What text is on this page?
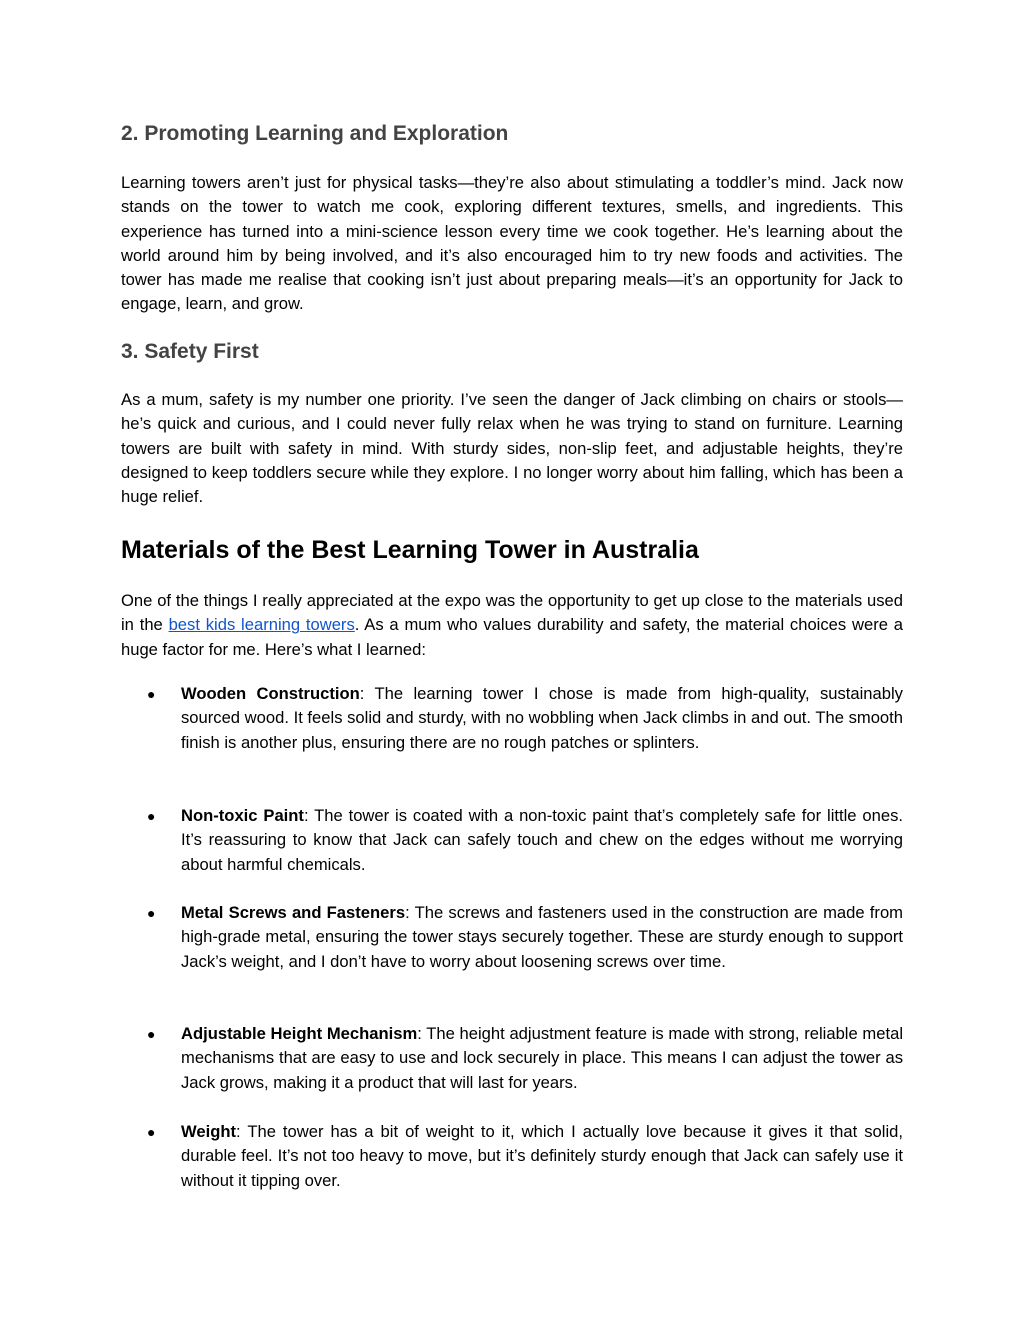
2. Promoting Learning and Exploration

Learning towers aren’t just for physical tasks—they’re also about stimulating a toddler’s mind. Jack now stands on the tower to watch me cook, exploring different textures, smells, and ingredients. This experience has turned into a mini-science lesson every time we cook together. He’s learning about the world around him by being involved, and it’s also encouraged him to try new foods and activities. The tower has made me realise that cooking isn’t just about preparing meals—it’s an opportunity for Jack to engage, learn, and grow.

3. Safety First

As a mum, safety is my number one priority. I’ve seen the danger of Jack climbing on chairs or stools—he’s quick and curious, and I could never fully relax when he was trying to stand on furniture. Learning towers are built with safety in mind. With sturdy sides, non-slip feet, and adjustable heights, they’re designed to keep toddlers secure while they explore. I no longer worry about him falling, which has been a huge relief.

Materials of the Best Learning Tower in Australia

One of the things I really appreciated at the expo was the opportunity to get up close to the materials used in the best kids learning towers. As a mum who values durability and safety, the material choices were a huge factor for me. Here’s what I learned:

● Wooden Construction: The learning tower I chose is made from high-quality, sustainably sourced wood. It feels solid and sturdy, with no wobbling when Jack climbs in and out. The smooth finish is another plus, ensuring there are no rough patches or splinters.

● Non-toxic Paint: The tower is coated with a non-toxic paint that’s completely safe for little ones. It’s reassuring to know that Jack can safely touch and chew on the edges without me worrying about harmful chemicals.

● Metal Screws and Fasteners: The screws and fasteners used in the construction are made from high-grade metal, ensuring the tower stays securely together. These are sturdy enough to support Jack’s weight, and I don’t have to worry about loosening screws over time.

● Adjustable Height Mechanism: The height adjustment feature is made with strong, reliable metal mechanisms that are easy to use and lock securely in place. This means I can adjust the tower as Jack grows, making it a product that will last for years.

● Weight: The tower has a bit of weight to it, which I actually love because it gives it that solid, durable feel. It’s not too heavy to move, but it’s definitely sturdy enough that Jack can safely use it without it tipping over.
